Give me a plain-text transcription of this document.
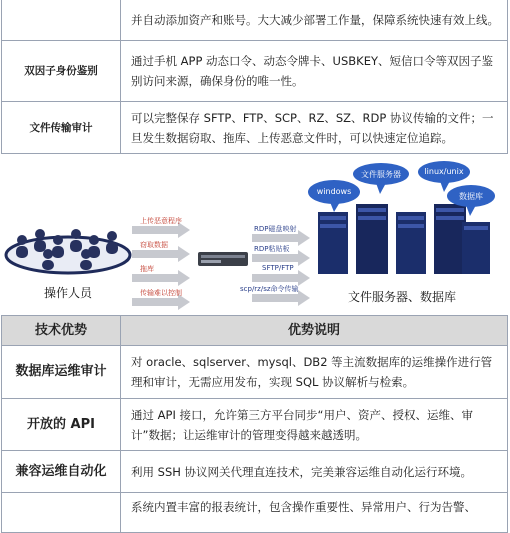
	并自动添加资产和账号。大大减少部署工作量，保障系统快速有效上线。
双因子身份鉴别	通过手机 APP 动态口令、动态令牌卡、USBKEY、短信口令等双因子鉴别访问来源，确保身份的唯一性。
文件传输审计	可以完整保存 SFTP、FTP、SCP、RZ、SZ、RDP 协议传输的文件；一旦发生数据窃取、拖库、上传恶意文件时，可以快速定位追踪。
上传恶意程序
窃取数据
拖库
传输难以控制
RDP磁盘映射
RDP粘贴板
SFTP/FTP
scp/rz/sz命令传输
windows
文件服务器	linux/unix
数据库
操作人员	文件服务器、数据库
技术优势	优势说明
数据库运维审计	对 oracle、sqlserver、mysql、DB2 等主流数据库的运维操作进行管理和审计，无需应用发布，实现 SQL 协议解析与检索。
开放的 API	通过 API 接口，允许第三方平台同步“用户、资产、授权、运维、审计”数据；让运维审计的管理变得越来越透明。
兼容运维自动化	利用 SSH 协议网关代理直连技术，完美兼容运维自动化运行环境。
	系统内置丰富的报表统计，包含操作重要性、异常用户、行为告警、
